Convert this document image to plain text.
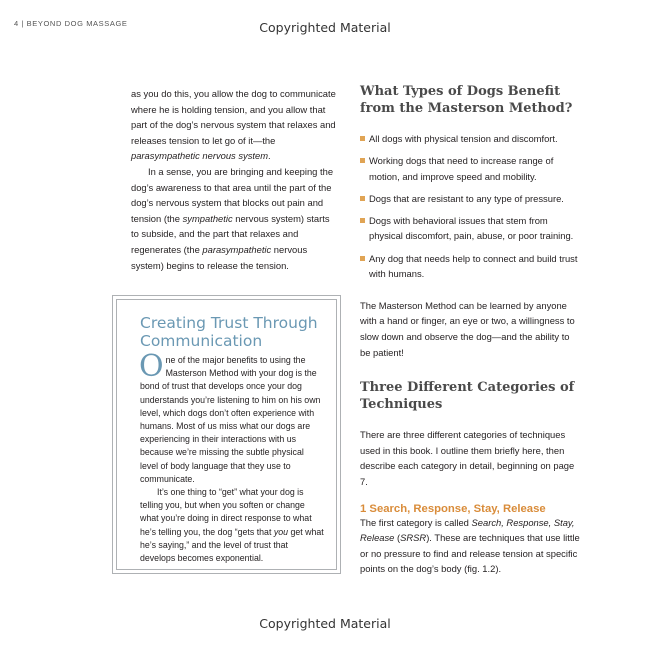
4 | BEYOND DOG MASSAGE	Copyrighted Material

as you do this, you allow the dog to communicate where he is holding tension, and you allow that part of the dog’s nervous system that relaxes and releases tension to let go of it—the parasympathetic nervous system.

In a sense, you are bringing and keeping the dog’s awareness to that area until the part of the dog’s nervous system that blocks out pain and tension (the sympathetic nervous system) starts to subside, and the part that relaxes and regenerates (the parasympathetic nervous system) begins to release the tension.

Creating Trust Through Communication

One of the major benefits to using the Masterson Method with your dog is the bond of trust that develops once your dog understands you’re listening to him on his own level, which dogs don’t often experience with humans. Most of us miss what our dogs are experiencing in their interactions with us because we’re missing the subtle physical level of body language that they use to communicate.

It’s one thing to “get” what your dog is telling you, but when you soften or change what you’re doing in direct response to what he’s telling you, the dog “gets that you get what he’s saying,” and the level of trust that develops becomes exponential.

What Types of Dogs Benefit from the Masterson Method?
All dogs with physical tension and discomfort.
Working dogs that need to increase range of motion, and improve speed and mobility.
Dogs that are resistant to any type of pressure.
Dogs with behavioral issues that stem from physical discomfort, pain, abuse, or poor training.
Any dog that needs help to connect and build trust with humans.

The Masterson Method can be learned by anyone with a hand or finger, an eye or two, a willingness to slow down and observe the dog—and the ability to be patient!

Three Different Categories of Techniques

There are three different categories of techniques used in this book. I outline them briefly here, then describe each category in detail, beginning on page 7.

1 Search, Response, Stay, Release

The first category is called Search, Response, Stay, Release (SRSR). These are techniques that use little or no pressure to find and release tension at specific points on the dog’s body (fig. 1.2).

Copyrighted Material
